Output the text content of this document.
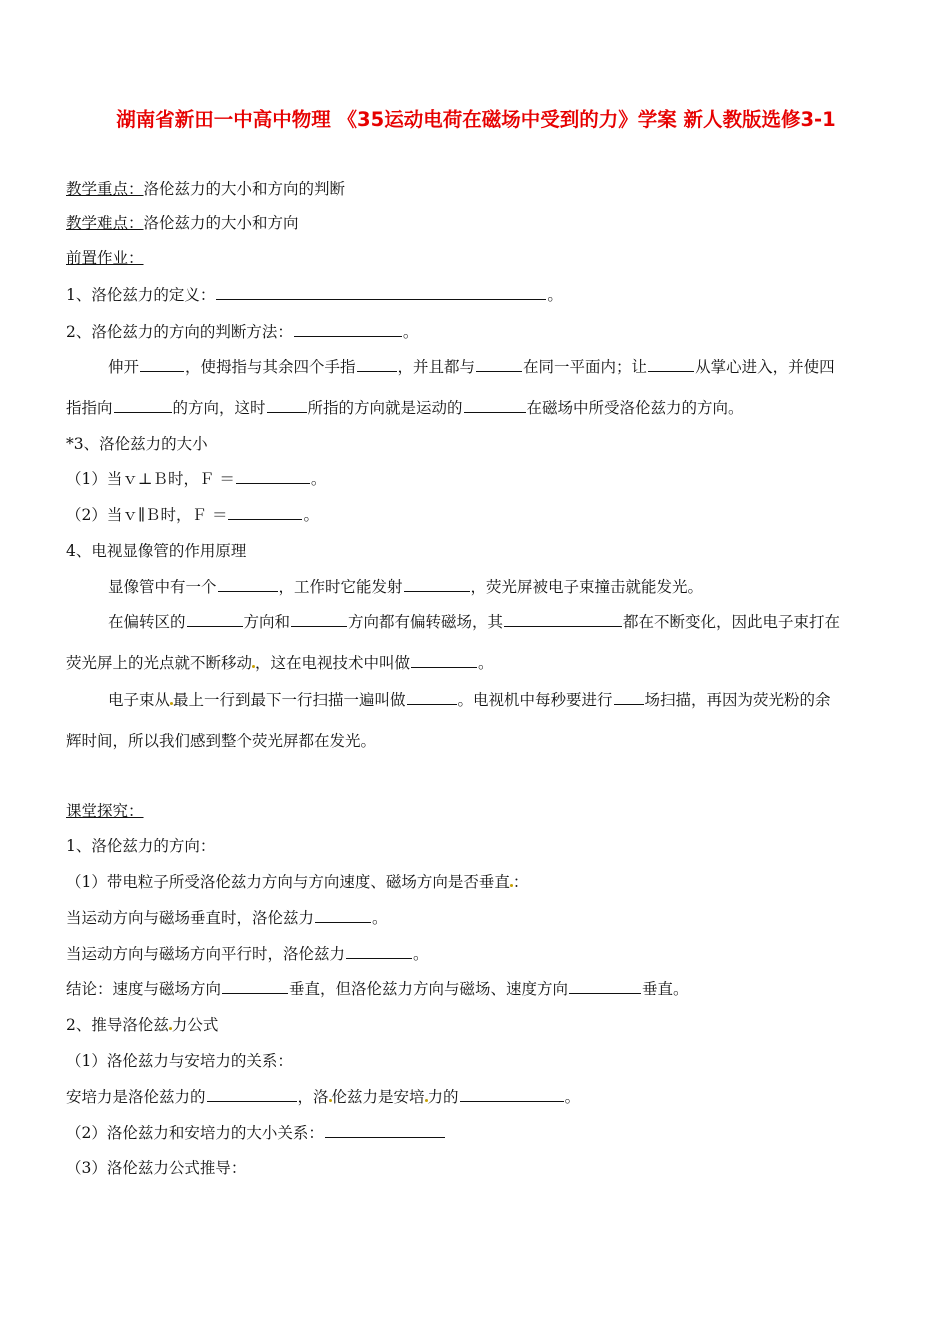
湖南省新田一中高中物理 《35运动电荷在磁场中受到的力》学案 新人教版选修3-1
教学重点：洛伦兹力的大小和方向的判断
教学难点：洛伦兹力的大小和方向
前置作业：
1、洛伦兹力的定义：	。
2、洛伦兹力的方向的判断方法：	。
伸开	，使拇指与其余四个手指	，并且都与	在同一平面内；让	从掌心进入，并使四
指指向	的方向，这时	所指的方向就是运动的	在磁场中所受洛伦兹力的方向。
*3、洛伦兹力的大小
（1）当ｖ⊥Ｂ时，Ｆ ＝	。
（2）当ｖ∥Ｂ时，Ｆ ＝	。
4、电视显像管的作用原理
显像管中有一个	，工作时它能发射	，荧光屏被电子束撞击就能发光。
在偏转区的	方向和	方向都有偏转磁场，其	都在不断变化，因此电子束打在
荧光屏上的光点就不断移动 ，这在电视技术中叫做	。
电子束从 最上一行到最下一行扫描一遍叫做	。电视机中每秒要进行 场扫描，再因为荧光粉的余
辉时间，所以我们感到整个荧光屏都在发光。
课堂探究：
1、洛伦兹力的方向：
（1）带电粒子所受洛伦兹力方向与方向速度、磁场方向是否垂直 ：
当运动方向与磁场垂直时，洛伦兹力	。
当运动方向与磁场方向平行时，洛伦兹力	。
结论：速度与磁场方向	垂直，但洛伦兹力方向与磁场、速度方向	垂直。
2、推导洛伦兹 力公式
（1）洛伦兹力与安培力的关系：
安培力是洛伦兹力的	，洛 伦兹力是安培 力的	。
（2）洛伦兹力和安培力的大小关系：
（3）洛伦兹力公式推导：
